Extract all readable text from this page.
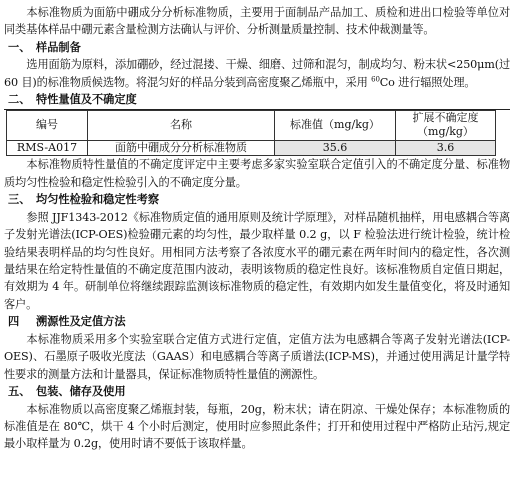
本标准物质为面筋中硼成分分析标准物质，主要用于面制品产品加工、质检和进出口检验等单位对同类基体样品中硼元素含量检测方法确认与评价、分析测量质量控制、技术仲裁测量等。

一、 样品制备

选用面筋为原料，添加硼砂，经过混搂、干燥、细磨、过筛和混匀，制成均匀、粉末状<250μm(过 60 目)的标准物质候选物。将混匀好的样品分装到高密度聚乙烯瓶中，采用 $^{60}$Co 进行辐照处理。

二、 特性量值及不确定度
编号	名称	标准值（mg/kg）	扩展不确定度（mg/kg）
RMS-A017	面筋中硼成分分析标准物质	35.6	3.6

本标准物质特性量值的不确定度评定中主要考虑多家实验室联合定值引入的不确定度分量、标准物质均匀性检验和稳定性检验引入的不确定度分量。

三、 均匀性检验和稳定性考察

参照 JJF1343-2012《标准物质定值的通用原则及统计学原理》，对样品随机抽样，用电感耦合等离子发射光谱法(ICP-OES)检验硼元素的均匀性，最少取样量 0.2 g，以 F 检验法进行统计检验，统计检验结果表明样品的均匀性良好。用相同方法考察了各浓度水平的硼元素在两年时间内的稳定性，各次测量结果在给定特性量值的不确定度范围内波动，表明该物质的稳定性良好。该标准物质自定值日期起，有效期为 4 年。研制单位将继续跟踪监测该标准物质的稳定性，有效期内如发生量值变化，将及时通知客户。

四 溯源性及定值方法

本标准物质采用多个实验室联合定值方式进行定值，定值方法为电感耦合等离子发射光谱法(ICP-OES)、石墨原子吸收光度法（GAAS）和电感耦合等离子质谱法(ICP-MS)，并通过使用满足计量学特性要求的测量方法和计量器具，保证标准物质特性量值的溯源性。

五、 包装、储存及使用

本标准物质以高密度聚乙烯瓶封装，每瓶，20g，粉末状；请在阴凉、干燥处保存；本标准物质的标准值是在 80℃，烘干 4 个小时后测定，使用时应参照此条件；打开和使用过程中严格防止玷污,规定最小取样量为 0.2g，使用时请不要低于该取样量。
